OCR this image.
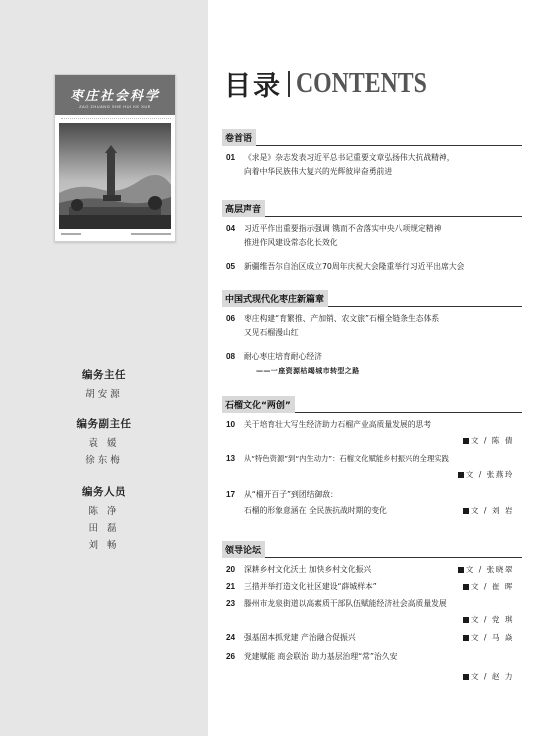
枣庄社会科学
ZAO ZHUANG SHE HUI KE XUE
编务主任
胡安源
编务副主任
袁 媛
徐东梅
编务人员
陈 净
田 磊
刘 畅
目录 CONTENTS
卷首语
01 《求是》杂志发表习近平总书记重要文章弘扬伟大抗战精神，
向着中华民族伟大复兴的光辉彼岸奋勇前进
高层声音
04 习近平作出重要指示强调 镌而不舍落实中央八项规定精神
推进作风建设常态化长效化
05 新疆维吾尔自治区成立70周年庆祝大会隆重举行习近平出席大会
中国式现代化枣庄新篇章
06 枣庄构建“育繁推、产加销、农文旅”石榴全链条生态体系
又见石榴漫山红
08 耐心枣庄培育耐心经济
——一座资源枯竭城市转型之路
石榴文化“两创”
10 关于培育壮大写生经济助力石榴产业高质量发展的思考
文 / 陈 倩
13 从“特色资源”到“内生动力”：石榴文化赋能乡村振兴的全理实践
文 / 张燕玲
17 从“榴开百子”到团结御敌：
石榴的形象意涵在 全民族抗战时期的变化	文 / 刘 岩
领导论坛
20 深耕乡村文化沃土 加快乡村文化振兴	文 / 张晓翠
21 三措并举打造文化社区建设“薛城样本”	文 / 崔 晖
23 滕州市龙泉街道以高素质干部队伍赋能经济社会高质量发展
文 / 党 琪
24 强基固本抓党建 产治融合促振兴	文 / 马 焱
26 党建赋能 商会联治 助力基层治理“常”治久安
文 / 赵 力
